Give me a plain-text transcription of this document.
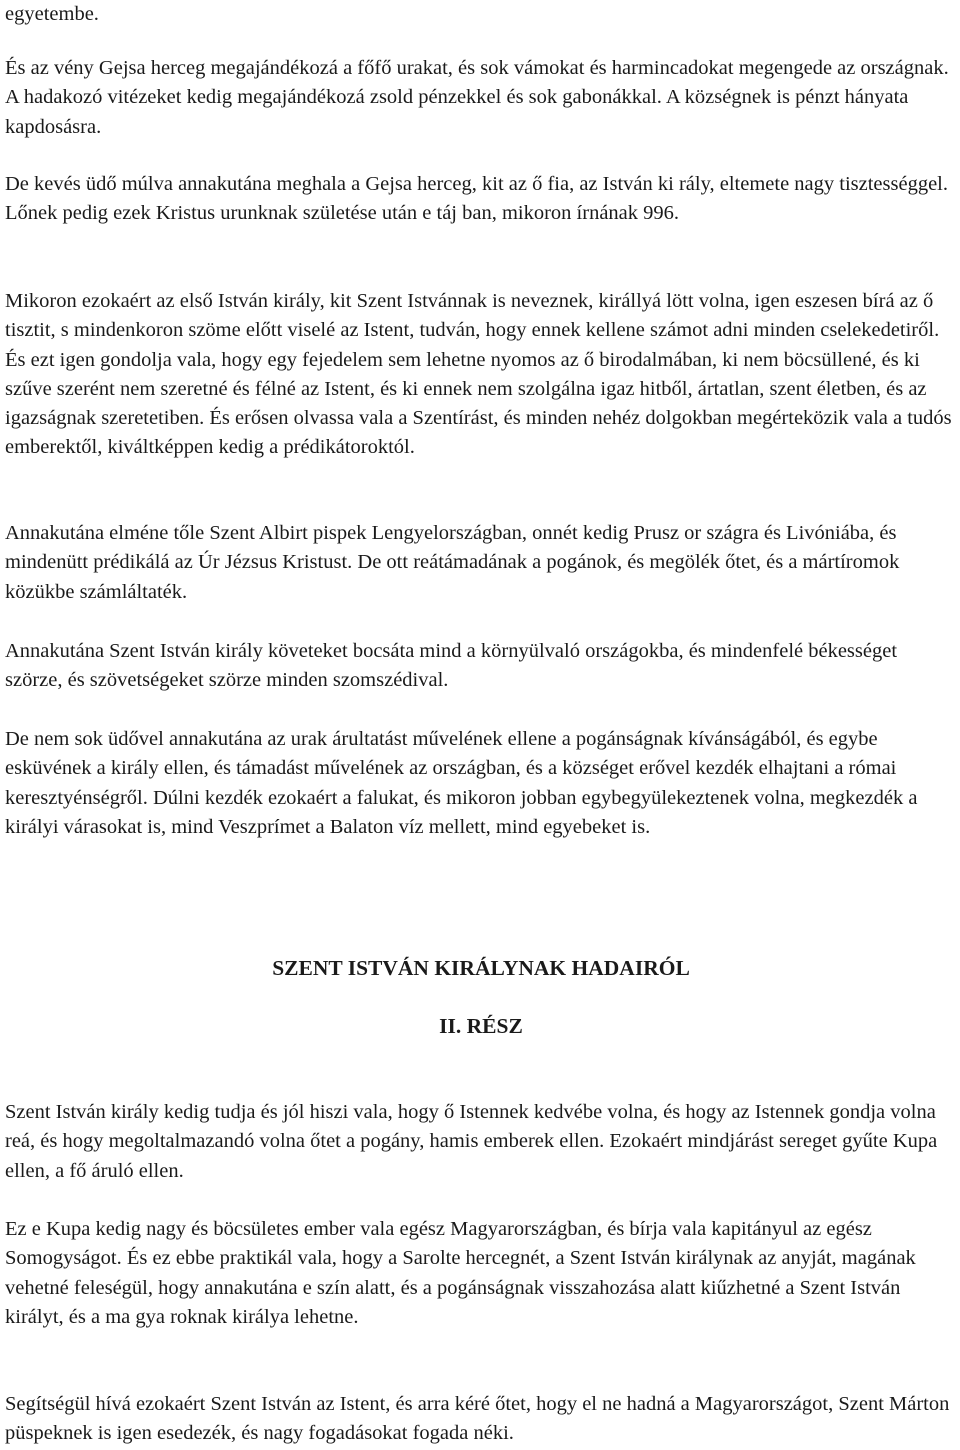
egyetembe.

És az vény Gejsa herceg megajándékozá a főfő urakat, és sok vámokat és harmincadokat megengede az országnak. A hadakozó vitézeket kedig megajándékozá zsold pénzekkel és sok gabonákkal. A községnek is pénzt hányata kapdosásra.

De kevés üdő múlva annakutána meghala a Gejsa herceg, kit az ő fia, az István ki rály, eltemete nagy tisztességgel. Lőnek pedig ezek Kristus urunknak születése után e táj ban, mikoron írnának 996.

Mikoron ezokaért az első István király, kit Szent Istvánnak is neveznek, királlyá lött volna, igen eszesen bírá az ő tisztit, s mindenkoron szöme előtt viselé az Istent, tudván, hogy ennek kellene számot adni minden cselekedetiről. És ezt igen gondolja vala, hogy egy fejedelem sem lehetne nyomos az ő birodalmában, ki nem böcsüllené, és ki szűve szerént nem szeretné és félné az Istent, és ki ennek nem szolgálna igaz hitből, ártatlan, szent életben, és az igazságnak szeretetiben. És erősen olvassa vala a Szentírást, és minden nehéz dolgokban megérteközik vala a tudós emberektől, kiváltképpen kedig a prédikátoroktól.

Annakutána elméne tőle Szent Albirt pispek Lengyelországban, onnét kedig Prusz or szágra és Livóniába, és mindenütt prédikálá az Úr Jézsus Kristust. De ott reátámadának a pogánok, és megölék őtet, és a mártíromok közükbe számláltaték.

Annakutána Szent István király követeket bocsáta mind a környülvaló országokba, és mindenfelé békességet szörze, és szövetségeket szörze minden szomszédival.

De nem sok üdővel annakutána az urak árultatást művelének ellene a pogánságnak kívánságából, és egybe esküvének a király ellen, és támadást művelének az országban, és a községet erővel kezdék elhajtani a római keresztyénségről. Dúlni kezdék ezokaért a falukat, és mikoron jobban egybegyülekeztenek volna, megkezdék a királyi várasokat is, mind Veszprímet a Balaton víz mellett, mind egyebeket is.

SZENT ISTVÁN KIRÁLYNAK HADAIRÓL
II. RÉSZ

Szent István király kedig tudja és jól hiszi vala, hogy ő Istennek kedvébe volna, és hogy az Istennek gondja volna reá, és hogy megoltalmazandó volna őtet a pogány, hamis emberek ellen. Ezokaért mindjárást sereget gyűte Kupa ellen, a fő áruló ellen.

Ez e Kupa kedig nagy és böcsületes ember vala egész Magyarországban, és bírja vala kapitányul az egész Somogyságot. És ez ebbe praktikál vala, hogy a Sarolte hercegnét, a Szent István királynak az anyját, magának vehetné feleségül, hogy annakutána e szín alatt, és a pogánságnak visszahozása alatt kiűzhetné a Szent István királyt, és a ma gya roknak királya lehetne.

Segítségül hívá ezokaért Szent István az Istent, és arra kéré őtet, hogy el ne hadná a Magyarországot, Szent Márton püspeknek is igen esedezék, és nagy fogadásokat fogada néki.
